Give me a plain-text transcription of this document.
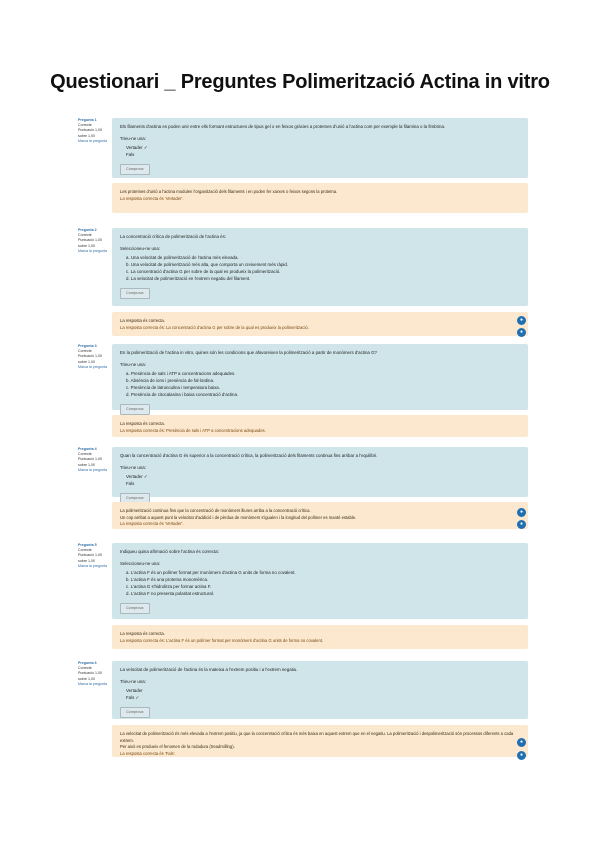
Questionari _ Preguntes Polimerització Actina in vitro
Pregunta 1
Correcte
Puntuació 1,00 sobre 1,00
Marca la pregunta
Els filaments d'actina es poden unir entre ells formant estructures de tipus gel o en feixos gràcies a proteïnes d'unió a l'actina com per exemple la filamina o la fimbrina.
Trieu-ne una:
Vertader ✓
Fals
Comprova
Les proteïnes d'unió a l'actina modulen l'organització dels filaments i en poden fer xarxes o feixos segons la proteïna.
La resposta correcta és 'Vertader'.
Pregunta 2
Correcte
Puntuació 1,00 sobre 1,00
Marca la pregunta
La concentració crítica de polimerització de l'actina és:
Seleccioneu-ne una:
a. Una velocitat de polimerització de l'actina més elevada.
b. Una velocitat de polimerització més alta, que comporta un creixement més ràpid.
c. La concentració d'actina G per sobre de la qual es produeix la polimerització.
d. La velocitat de polimerització en l'extrem negatiu del filament.
Comprova
La resposta és correcta.
La resposta correcta és: La concentració d'actina G per sobre de la qual es produeix la polimerització.
●
●
Pregunta 3
Correcte
Puntuació 1,00 sobre 1,00
Marca la pregunta
En la polimerització de l'actina in vitro, quines són les condicions que afavoreixen la polimerització a partir de monòmers d'actina G?
Trieu-ne una:
a. Presència de sals i ATP a concentracions adequades.
b. Absència de ions i presència de fal·loïdina.
c. Presència de latrunculina i temperatura baixa.
d. Presència de citocalasina i baixa concentració d'actina.
Comprova
La resposta és correcta.
La resposta correcta és: Presència de sals i ATP a concentracions adequades.
Pregunta 4
Correcte
Puntuació 1,00 sobre 1,00
Marca la pregunta
Quan la concentració d'actina G és superior a la concentració crítica, la polimerització dels filaments continua fins arribar a l'equilibri.
Trieu-ne una:
Vertader ✓
Fals
Comprova
La polimerització continua fins que la concentració de monòmers lliures arriba a la concentració crítica.
Un cop arribat a aquest punt la velocitat d'addició i de pèrdua de monòmers s'igualen i la longitud del polímer es manté estable.
La resposta correcta és 'Vertader'.
●
●
Pregunta 5
Correcte
Puntuació 1,00 sobre 1,00
Marca la pregunta
Indiqueu quina afirmació sobre l'actina és correcta:
Seleccioneu-ne una:
a. L'actina F és un polímer format per monòmers d'actina G units de forma no covalent.
b. L'actina F és una proteïna monomèrica.
c. L'actina G s'hidrolitza per formar actina F.
d. L'actina F no presenta polaritat estructural.
Comprova
La resposta és correcta.
La resposta correcta és: L'actina F és un polímer format per monòmers d'actina G units de forma no covalent.
Pregunta 6
Correcte
Puntuació 1,00 sobre 1,00
Marca la pregunta
La velocitat de polimerització de l'actina és la mateixa a l'extrem positiu i a l'extrem negatiu.
Trieu-ne una:
Vertader
Fals ✓
Comprova
La velocitat de polimerització és més elevada a l'extrem positiu, ja que la concentració crítica és més baixa en aquest extrem que en el negatiu. La polimerització i despolimerització són processos diferents a cada extrem.
Per això es produeix el fenomen de la rodadura (treadmilling).
La resposta correcta és 'Fals'.
●
●
